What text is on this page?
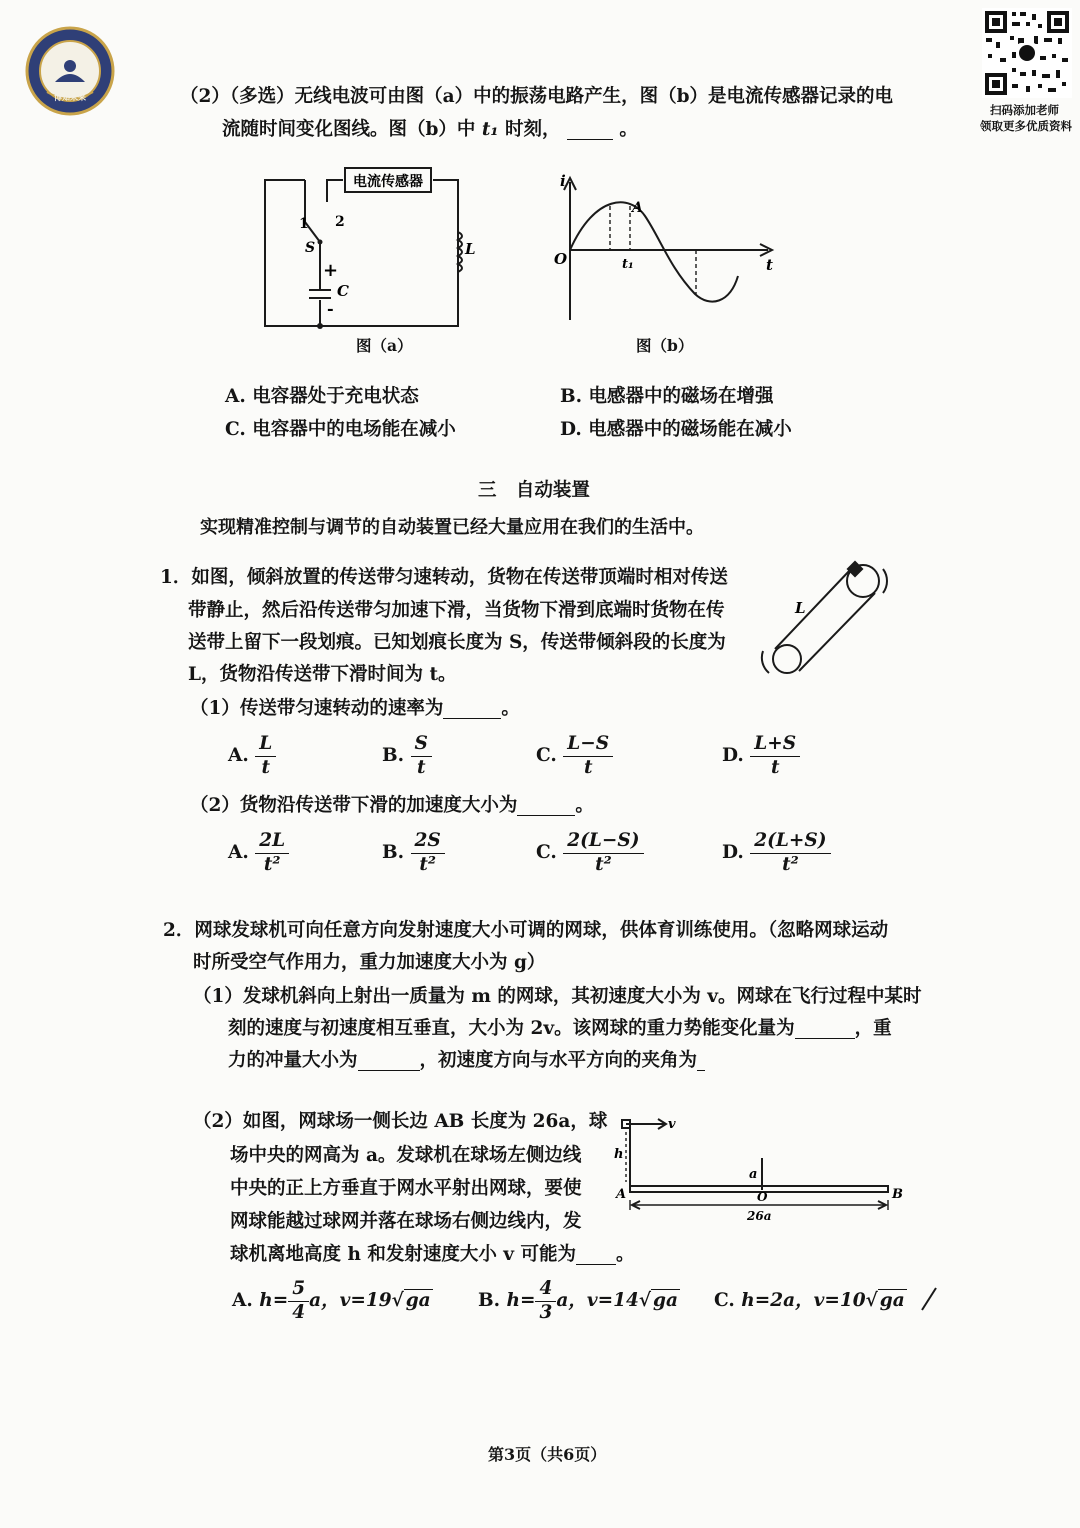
博知未来
扫码添加老师
领取更多优质资料
（2）（多选）无线电波可由图（a）中的振荡电路产生，图（b）是电流传感器记录的电
流随时间变化图线。图（b）中 t₁ 时刻，	。
电流传感器
1 2
S
+
C
-
L
图（a）
i
O
A
t₁	t
图（b）
A. 电容器处于充电状态	B. 电感器中的磁场在增强
C. 电容器中的电场能在减小	D. 电感器中的磁场能在减小
三 自动装置
实现精准控制与调节的自动装置已经大量应用在我们的生活中。
1．如图，倾斜放置的传送带匀速转动，货物在传送带顶端时相对传送
带静止，然后沿传送带匀加速下滑，当货物下滑到底端时货物在传
送带上留下一段划痕。已知划痕长度为 S，传送带倾斜段的长度为
L，货物沿传送带下滑时间为 t。
L
（1）传送带匀速转动的速率为	。
A. $\frac{L}{t}$	B. $\frac{S}{t}$	C. $\frac{L-S}{t}$	D. $\frac{L+S}{t}$
（2）货物沿传送带下滑的加速度大小为	。
A. $\frac{2L}{\text{t²}}$	B. $\frac{2S}{\text{t²}}$	C. $\frac{2(L-S)}{\text{t²}}$	D. $\frac{2(L+S)}{\text{t²}}$
2．网球发球机可向任意方向发射速度大小可调的网球，供体育训练使用。（忽略网球运动
时所受空气作用力，重力加速度大小为 g）
（1）发球机斜向上射出一质量为 m 的网球，其初速度大小为 v。网球在飞行过程中某时
刻的速度与初速度相互垂直，大小为 2v。该网球的重力势能变化量为	，重
力的冲量大小为	，初速度方向与水平方向的夹角为
（2）如图，网球场一侧长边 AB 长度为 26a，球
场中央的网高为 a。发球机在球场左侧边线
中央的正上方垂直于网水平射出网球，要使
网球能越过球网并落在球场右侧边线内，发
球机离地高度 h 和发射速度大小 v 可能为 。
v
h
a
A	O	B
26a
A. $h= \frac{5}{4}$ a，v=19√ ga	B. $h= \frac{4}{3}$ a，v=14√ ga C. h=2a，v=10√ ga
第3页（共6页）
